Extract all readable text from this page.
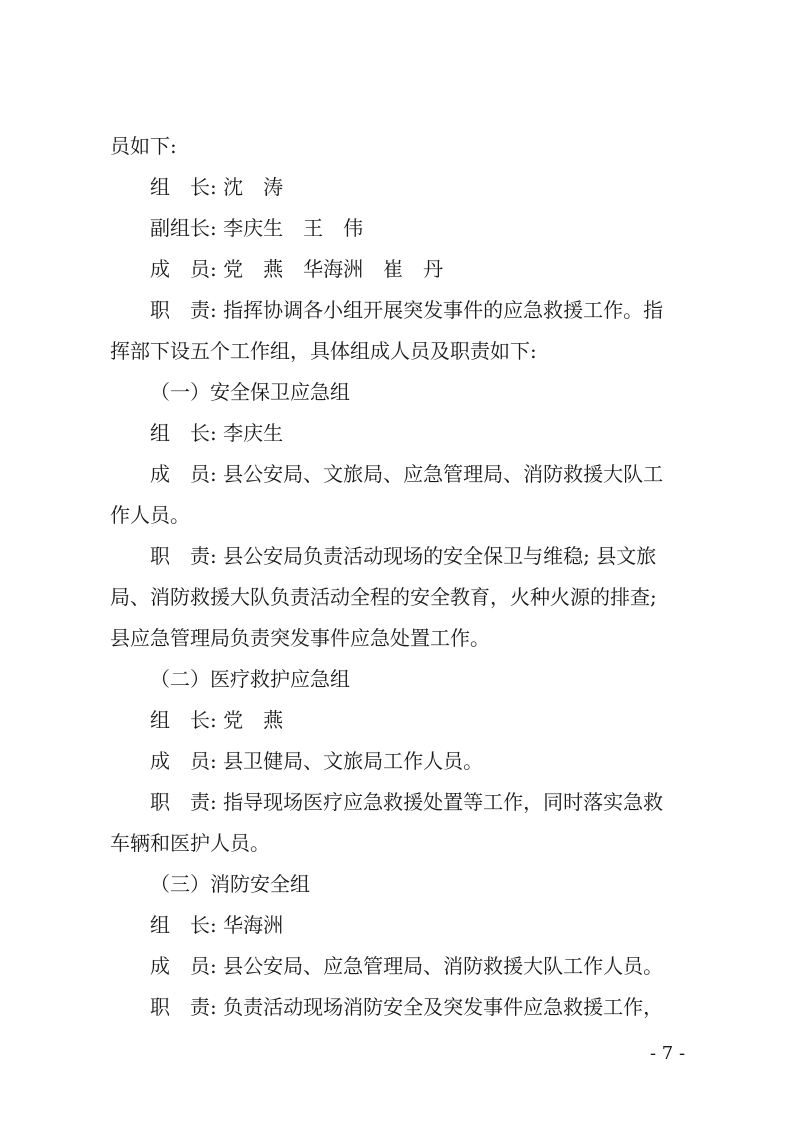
员如下:
组　长: 沈　涛
副组长: 李庆生　王　伟
成　员: 党　燕　华海洲　崔　丹
职　责: 指挥协调各小组开展突发事件的应急救援工作。指
挥部下设五个工作组，具体组成人员及职责如下:
（一）安全保卫应急组
组　长: 李庆生
成　员: 县公安局、文旅局、应急管理局、消防救援大队工
作人员。
职　责: 县公安局负责活动现场的安全保卫与维稳; 县文旅
局、消防救援大队负责活动全程的安全教育，火种火源的排查;
县应急管理局负责突发事件应急处置工作。
（二）医疗救护应急组
组　长: 党　燕
成　员: 县卫健局、文旅局工作人员。
职　责: 指导现场医疗应急救援处置等工作，同时落实急救
车辆和医护人员。
（三）消防安全组
组　长: 华海洲
成　员: 县公安局、应急管理局、消防救援大队工作人员。
职　责: 负责活动现场消防安全及突发事件应急救援工作，
- 7 -
